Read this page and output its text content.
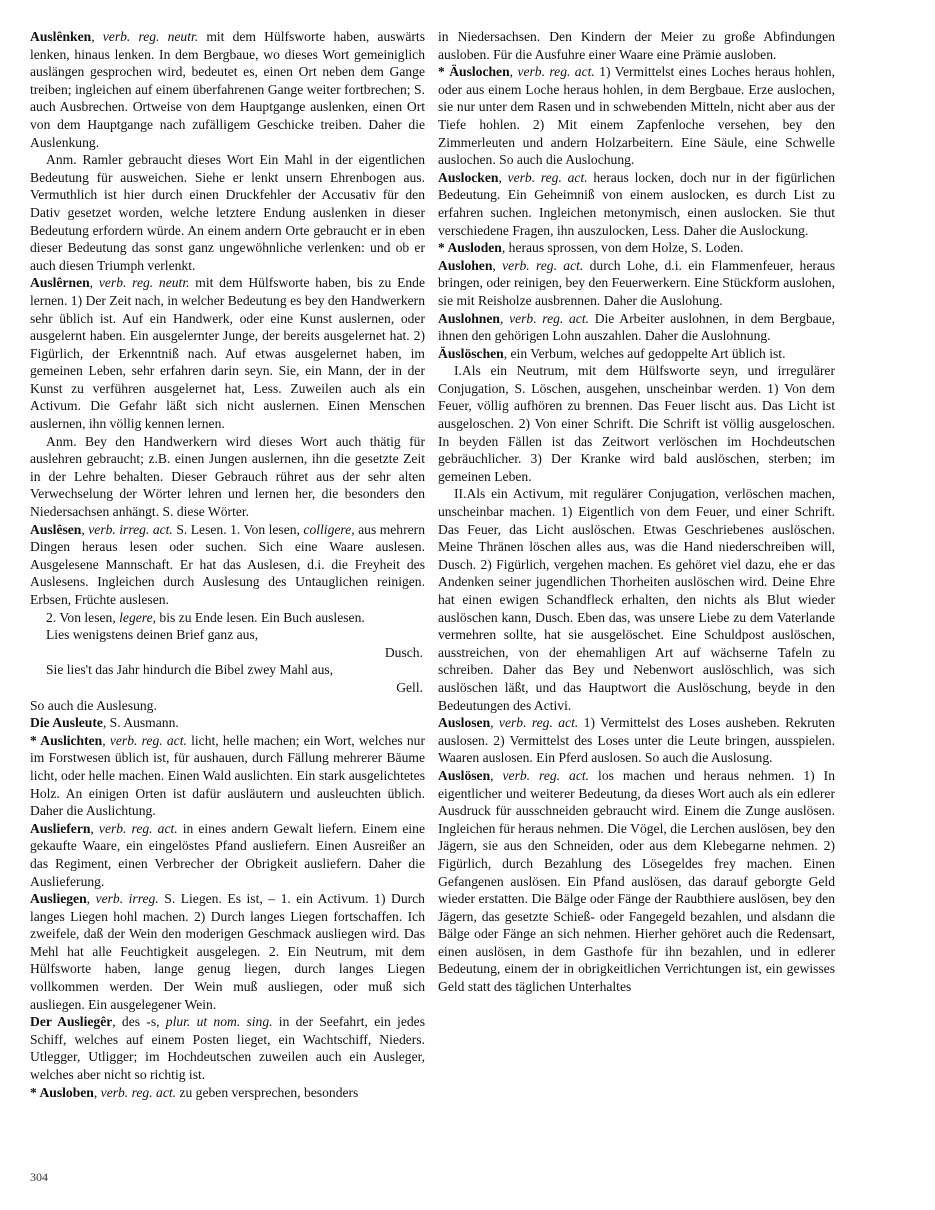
Auslênken, verb. reg. neutr. mit dem Hülfsworte haben, auswärts lenken, hinaus lenken. In dem Bergbaue, wo dieses Wort gemeiniglich auslängen gesprochen wird, bedeutet es, einen Ort neben dem Gange treiben; ingleichen auf einem überfahrenen Gange weiter fortbrechen; S. auch Ausbrechen. Ortweise von dem Hauptgange auslenken, einen Ort von dem Hauptgange nach zufälligem Geschicke treiben. Daher die Auslenkung.

Anm. Ramler gebraucht dieses Wort Ein Mahl in der eigentlichen Bedeutung für ausweichen. Siehe er lenkt unsern Ehrenbogen aus. Vermuthlich ist hier durch einen Druckfehler der Accusativ für den Dativ gesetzet worden, welche letztere Endung auslenken in dieser Bedeutung erfordern würde. An einem andern Orte gebraucht er in eben dieser Bedeutung das sonst ganz ungewöhnliche verlenken: und ob er auch diesen Triumph verlenkt.

Auslêrnen, verb. reg. neutr. mit dem Hülfsworte haben, bis zu Ende lernen. 1) Der Zeit nach, in welcher Bedeutung es bey den Handwerkern sehr üblich ist. Auf ein Handwerk, oder eine Kunst auslernen, oder ausgelernt haben. Ein ausgelernter Junge, der bereits ausgelernet hat. 2) Figürlich, der Erkenntniß nach. Auf etwas ausgelernet haben, im gemeinen Leben, sehr erfahren darin seyn. Sie, ein Mann, der in der Kunst zu verführen ausgelernet hat, Less. Zuweilen auch als ein Activum. Die Gefahr läßt sich nicht auslernen. Einen Menschen auslernen, ihn völlig kennen lernen.

Anm. Bey den Handwerkern wird dieses Wort auch thätig für auslehren gebraucht; z.B. einen Jungen auslernen, ihn die gesetzte Zeit in der Lehre behalten. Dieser Gebrauch rühret aus der sehr alten Verwechselung der Wörter lehren und lernen her, die besonders den Niedersachsen anhängt. S. diese Wörter.

Auslêsen, verb. irreg. act. S. Lesen. 1. Von lesen, colligere, aus mehrern Dingen heraus lesen oder suchen. Sich eine Waare auslesen. Ausgelesene Mannschaft. Er hat das Auslesen, d.i. die Freyheit des Auslesens. Ingleichen durch Auslesung des Untauglichen reinigen. Erbsen, Früchte auslesen.

2. Von lesen, legere, bis zu Ende lesen. Ein Buch auslesen.

Lies wenigstens deinen Brief ganz aus,

Dusch.

Sie lies't das Jahr hindurch die Bibel zwey Mahl aus,

Gell.

So auch die Auslesung.

Die Ausleute, S. Ausmann.

* Auslichten, verb. reg. act. licht, helle machen; ein Wort, welches nur im Forstwesen üblich ist, für aushauen, durch Fällung mehrerer Bäume licht, oder helle machen. Einen Wald auslichten. Ein stark ausgelichtetes Holz. An einigen Orten ist dafür ausläutern und ausleuchten üblich. Daher die Auslichtung.

Ausliefern, verb. reg. act. in eines andern Gewalt liefern. Einem eine gekaufte Waare, ein eingelöstes Pfand ausliefern. Einen Ausreißer an das Regiment, einen Verbrecher der Obrigkeit ausliefern. Daher die Auslieferung.

Ausliegen, verb. irreg. S. Liegen. Es ist, – 1. ein Activum. 1) Durch langes Liegen hohl machen. 2) Durch langes Liegen fortschaffen. Ich zweifele, daß der Wein den moderigen Geschmack ausliegen wird. Das Mehl hat alle Feuchtigkeit ausgelegen. 2. Ein Neutrum, mit dem Hülfsworte haben, lange genug liegen, durch langes Liegen vollkommen werden. Der Wein muß ausliegen, oder muß sich ausliegen. Ein ausgelegener Wein.

Der Ausliegêr, des -s, plur. ut nom. sing. in der Seefahrt, ein jedes Schiff, welches auf einem Posten lieget, ein Wachtschiff, Nieders. Utlegger, Utligger; im Hochdeutschen zuweilen auch ein Ausleger, welches aber nicht so richtig ist.

* Ausloben, verb. reg. act. zu geben versprechen, besonders

in Niedersachsen. Den Kindern der Meier zu große Abfindungen ausloben. Für die Ausfuhre einer Waare eine Prämie ausloben.

* Äuslochen, verb. reg. act. 1) Vermittelst eines Loches heraus hohlen, oder aus einem Loche heraus hohlen, in dem Bergbaue. Erze auslochen, sie nur unter dem Rasen und in schwebenden Mitteln, nicht aber aus der Tiefe hohlen. 2) Mit einem Zapfenloche versehen, bey den Zimmerleuten und andern Holzarbeitern. Eine Säule, eine Schwelle auslochen. So auch die Auslochung.

Auslocken, verb. reg. act. heraus locken, doch nur in der figürlichen Bedeutung. Ein Geheimniß von einem auslocken, es durch List zu erfahren suchen. Ingleichen metonymisch, einen auslocken. Sie thut verschiedene Fragen, ihn auszulocken, Less. Daher die Auslockung.

* Ausloden, heraus sprossen, von dem Holze, S. Loden.

Auslohen, verb. reg. act. durch Lohe, d.i. ein Flammenfeuer, heraus bringen, oder reinigen, bey den Feuerwerkern. Eine Stückform auslohen, sie mit Reisholze ausbrennen. Daher die Auslohung.

Auslohnen, verb. reg. act. Die Arbeiter auslohnen, in dem Bergbaue, ihnen den gehörigen Lohn auszahlen. Daher die Auslohnung.

Äuslöschen, ein Verbum, welches auf gedoppelte Art üblich ist.

I.Als ein Neutrum, mit dem Hülfsworte seyn, und irregulärer Conjugation, S. Löschen, ausgehen, unscheinbar werden. 1) Von dem Feuer, völlig aufhören zu brennen. Das Feuer lischt aus. Das Licht ist ausgeloschen. 2) Von einer Schrift. Die Schrift ist völlig ausgeloschen. In beyden Fällen ist das Zeitwort verlöschen im Hochdeutschen gebräuchlicher. 3) Der Kranke wird bald auslöschen, sterben; im gemeinen Leben.

II.Als ein Activum, mit regulärer Conjugation, verlöschen machen, unscheinbar machen. 1) Eigentlich von dem Feuer, und einer Schrift. Das Feuer, das Licht auslöschen. Etwas Geschriebenes auslöschen. Meine Thränen löschen alles aus, was die Hand niederschreiben will, Dusch. 2) Figürlich, vergehen machen. Es gehöret viel dazu, ehe er das Andenken seiner jugendlichen Thorheiten auslöschen wird. Deine Ehre hat einen ewigen Schandfleck erhalten, den nichts als Blut wieder auslöschen kann, Dusch. Eben das, was unsere Liebe zu dem Vaterlande vermehren sollte, hat sie ausgelöschet. Eine Schuldpost auslöschen, ausstreichen, von der ehemahligen Art auf wächserne Tafeln zu schreiben. Daher das Bey und Nebenwort auslöschlich, was sich auslöschen läßt, und das Hauptwort die Auslöschung, beyde in den Bedeutungen des Activi.

Auslosen, verb. reg. act. 1) Vermittelst des Loses ausheben. Rekruten auslosen. 2) Vermittelst des Loses unter die Leute bringen, ausspielen. Waaren auslosen. Ein Pferd auslosen. So auch die Auslosung.

Auslösen, verb. reg. act. los machen und heraus nehmen. 1) In eigentlicher und weiterer Bedeutung, da dieses Wort auch als ein edlerer Ausdruck für ausschneiden gebraucht wird. Einem die Zunge auslösen. Ingleichen für heraus nehmen. Die Vögel, die Lerchen auslösen, bey den Jägern, sie aus den Schneiden, oder aus dem Klebegarne nehmen. 2) Figürlich, durch Bezahlung des Lösegeldes frey machen. Einen Gefangenen auslösen. Ein Pfand auslösen, das darauf geborgte Geld wieder erstatten. Die Bälge oder Fänge der Raubthiere auslösen, bey den Jägern, das gesetzte Schieß- oder Fangegeld bezahlen, und alsdann die Bälge oder Fänge an sich nehmen. Hierher gehöret auch die Redensart, einen auslösen, in dem Gasthofe für ihn bezahlen, und in edlerer Bedeutung, einem der in obrigkeitlichen Verrichtungen ist, ein gewisses Geld statt des täglichen Unterhaltes

304
